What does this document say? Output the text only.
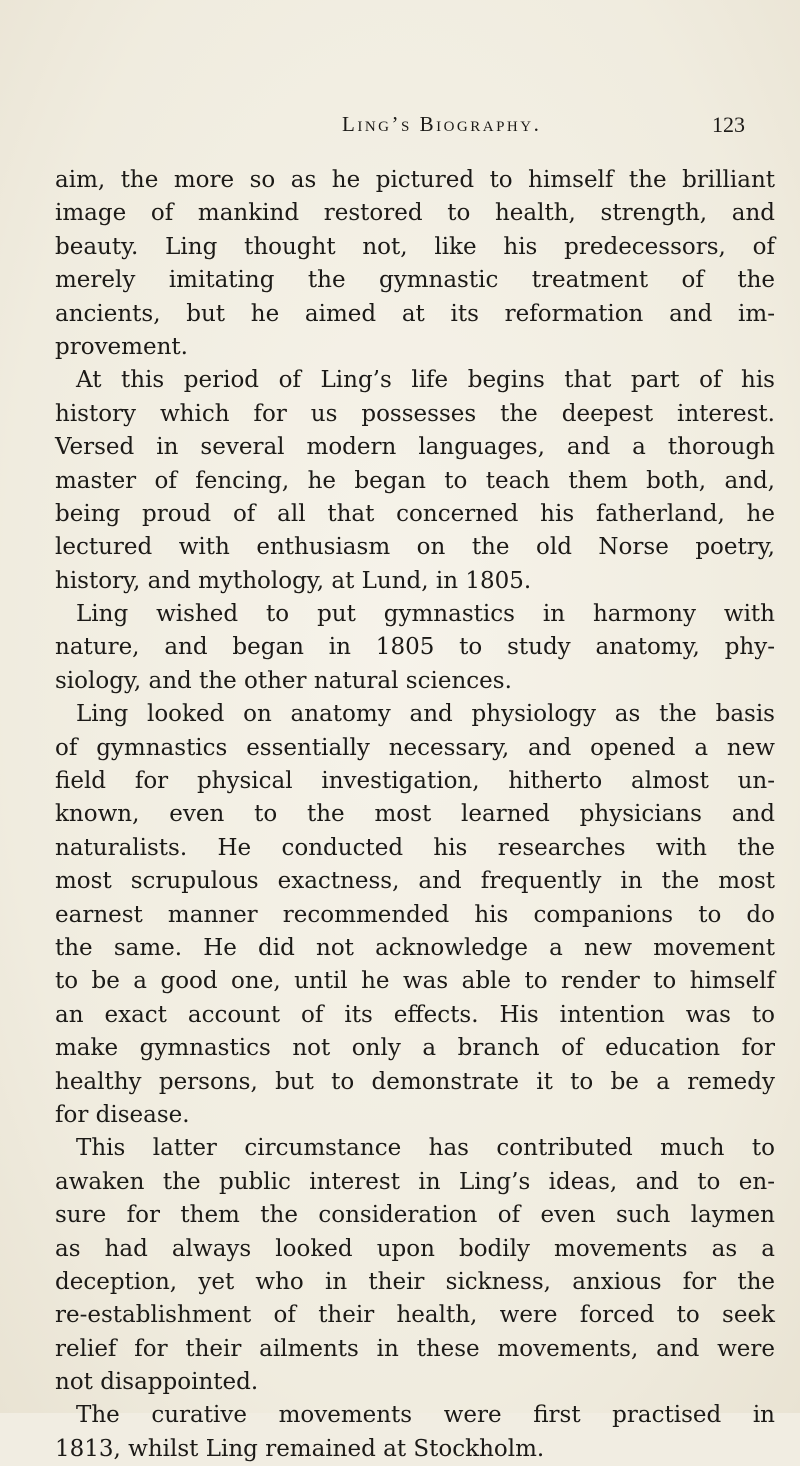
Ling’s Biography.	123
aim, the more so as he pictured to himself the brilliant
image of mankind restored to health, strength, and
beauty. Ling thought not, like his predecessors, of
merely imitating the gymnastic treatment of the
ancients, but he aimed at its reformation and im-
provement.
At this period of Ling’s life begins that part of his
history which for us possesses the deepest interest.
Versed in several modern languages, and a thorough
master of fencing, he began to teach them both, and,
being proud of all that concerned his fatherland, he
lectured with enthusiasm on the old Norse poetry,
history, and mythology, at Lund, in 1805.
Ling wished to put gymnastics in harmony with
nature, and began in 1805 to study anatomy, phy-
siology, and the other natural sciences.
Ling looked on anatomy and physiology as the basis
of gymnastics essentially necessary, and opened a new
field for physical investigation, hitherto almost un-
known, even to the most learned physicians and
naturalists. He conducted his researches with the
most scrupulous exactness, and frequently in the most
earnest manner recommended his companions to do
the same. He did not acknowledge a new movement
to be a good one, until he was able to render to himself
an exact account of its effects. His intention was to
make gymnastics not only a branch of education for
healthy persons, but to demonstrate it to be a remedy
for disease.
This latter circumstance has contributed much to
awaken the public interest in Ling’s ideas, and to en-
sure for them the consideration of even such laymen
as had always looked upon bodily movements as a
deception, yet who in their sickness, anxious for the
re-establishment of their health, were forced to seek
relief for their ailments in these movements, and were
not disappointed.
The curative movements were first practised in
1813, whilst Ling remained at Stockholm.
